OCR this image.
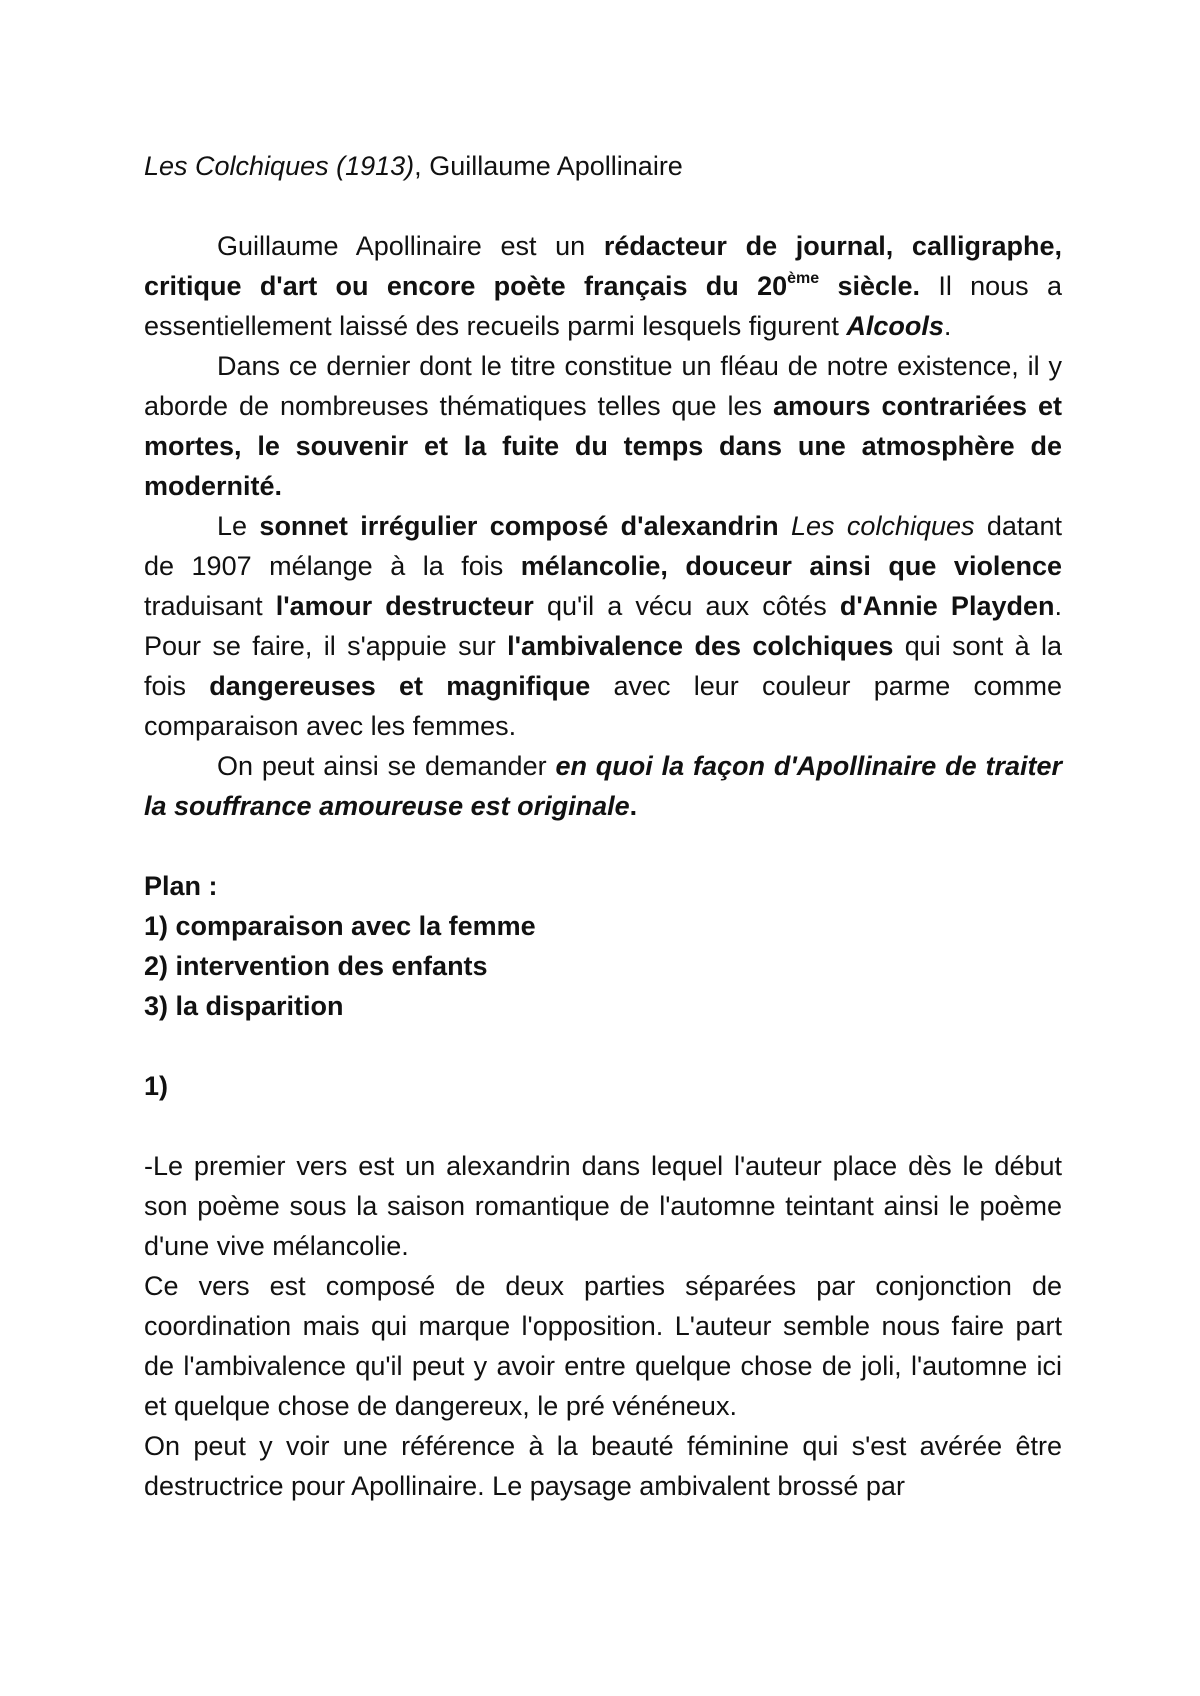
Les Colchiques (1913), Guillaume Apollinaire

Guillaume Apollinaire est un rédacteur de journal, calligraphe, critique d'art ou encore poète français du 20ème siècle. Il nous a essentiellement laissé des recueils parmi lesquels figurent Alcools.

Dans ce dernier dont le titre constitue un fléau de notre existence, il y aborde de nombreuses thématiques telles que les amours contrariées et mortes, le souvenir et la fuite du temps dans une atmosphère de modernité.

Le sonnet irrégulier composé d'alexandrin Les colchiques datant de 1907 mélange à la fois mélancolie, douceur ainsi que violence traduisant l'amour destructeur qu'il a vécu aux côtés d'Annie Playden. Pour se faire, il s'appuie sur l'ambivalence des colchiques qui sont à la fois dangereuses et magnifique avec leur couleur parme comme comparaison avec les femmes.

On peut ainsi se demander en quoi la façon d'Apollinaire de traiter la souffrance amoureuse est originale.

Plan :

1) comparaison avec la femme

2) intervention des enfants

3) la disparition

1)

-Le premier vers est un alexandrin dans lequel l'auteur place dès le début son poème sous la saison romantique de l'automne teintant ainsi le poème d'une vive mélancolie.

Ce vers est composé de deux parties séparées par conjonction de coordination mais qui marque l'opposition. L'auteur semble nous faire part de l'ambivalence qu'il peut y avoir entre quelque chose de joli, l'automne ici et quelque chose de dangereux, le pré vénéneux.

On peut y voir une référence à la beauté féminine qui s'est avérée être destructrice pour Apollinaire. Le paysage ambivalent brossé par
